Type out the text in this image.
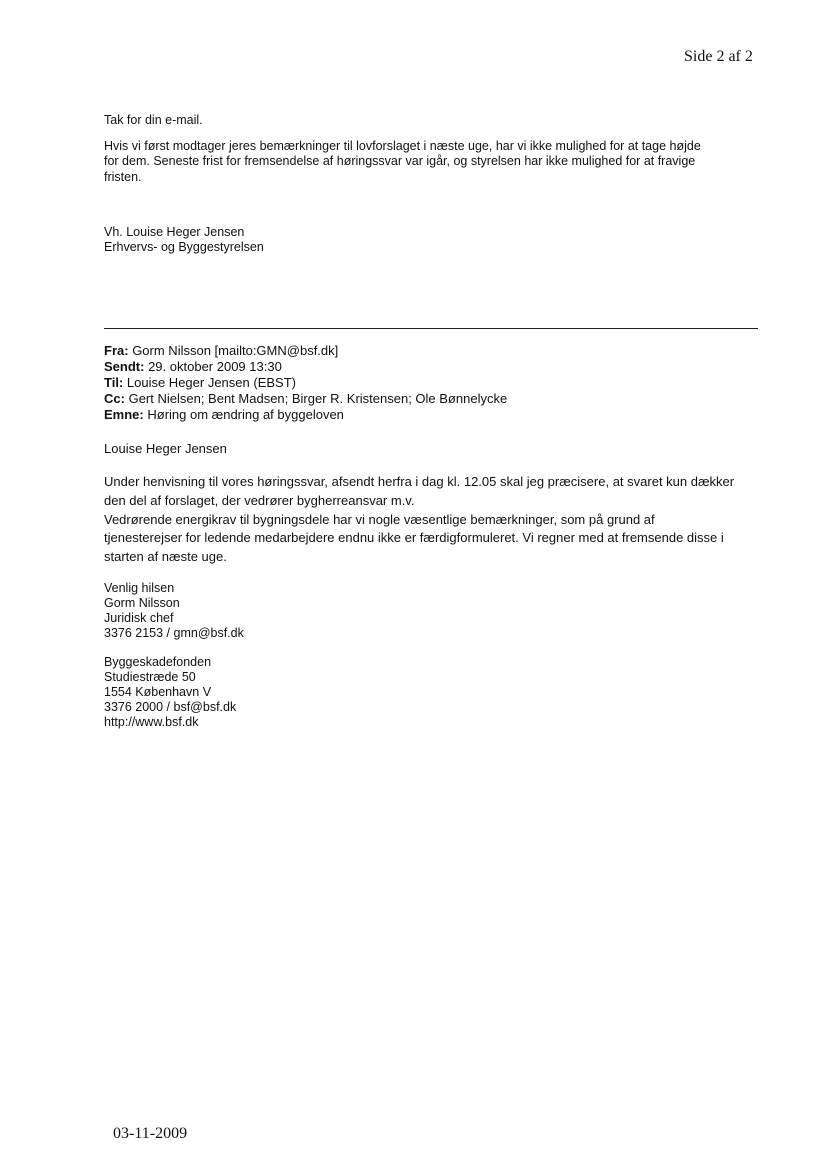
Side 2 af 2
Tak for din e-mail.
Hvis vi først modtager jeres bemærkninger til lovforslaget i næste uge, har vi ikke mulighed for at tage højde
for dem. Seneste frist for fremsendelse af høringssvar var igår, og styrelsen har ikke mulighed for at fravige
fristen.
Vh. Louise Heger Jensen
Erhvervs- og Byggestyrelsen
Fra: Gorm Nilsson [mailto:GMN@bsf.dk]
Sendt: 29. oktober 2009 13:30
Til: Louise Heger Jensen (EBST)
Cc: Gert Nielsen; Bent Madsen; Birger R. Kristensen; Ole Bønnelycke
Emne: Høring om ændring af byggeloven
Louise Heger Jensen
Under henvisning til vores høringssvar, afsendt herfra i dag kl. 12.05 skal jeg præcisere, at svaret kun dækker
den del af forslaget, der vedrører bygherreansvar m.v.
Vedrørende energikrav til bygningsdele har vi nogle væsentlige bemærkninger, som på grund af
tjenesterejser for ledende medarbejdere endnu ikke er færdigformuleret. Vi regner med at fremsende disse i
starten af næste uge.
Venlig hilsen
Gorm Nilsson
Juridisk chef
3376 2153 / gmn@bsf.dk
Byggeskadefonden
Studiestræde 50
1554 København V
3376 2000 / bsf@bsf.dk
http://www.bsf.dk
03-11-2009
